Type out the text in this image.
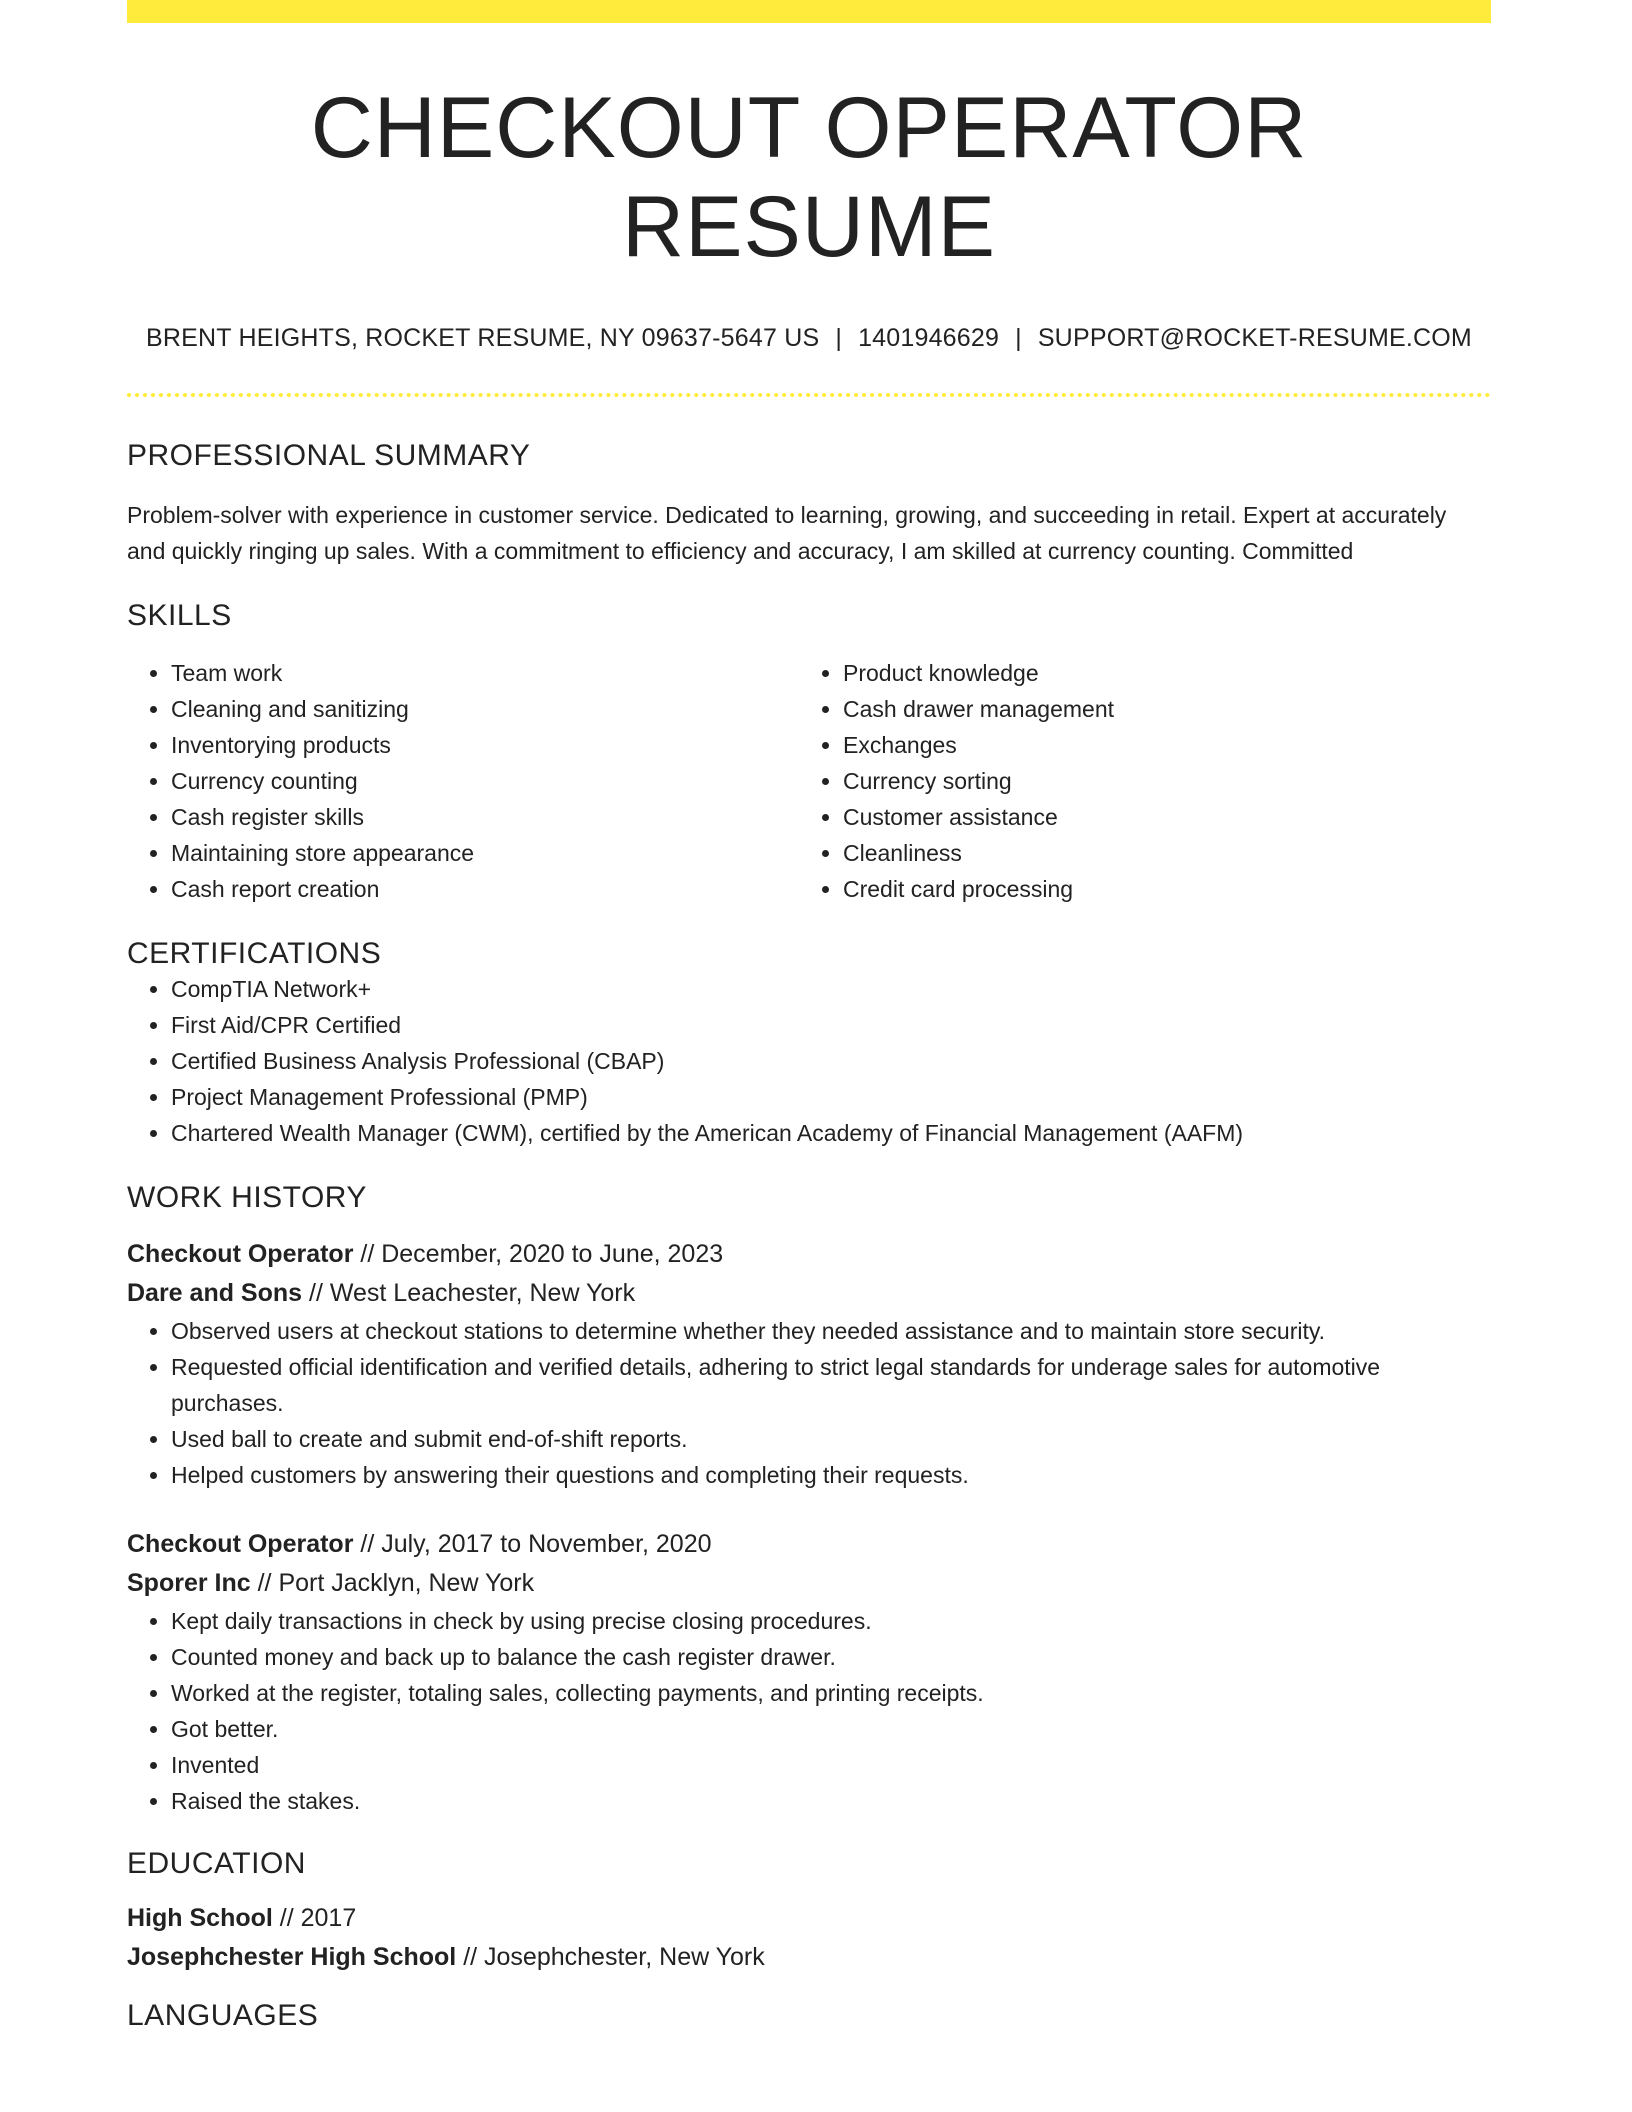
CHECKOUT OPERATOR RESUME
BRENT HEIGHTS, ROCKET RESUME, NY 09637-5647 US | 1401946629 | SUPPORT@ROCKET-RESUME.COM
PROFESSIONAL SUMMARY
Problem-solver with experience in customer service. Dedicated to learning, growing, and succeeding in retail. Expert at accurately and quickly ringing up sales. With a commitment to efficiency and accuracy, I am skilled at currency counting. Committed
SKILLS
• Team work
• Cleaning and sanitizing
• Inventorying products
• Currency counting
• Cash register skills
• Maintaining store appearance
• Cash report creation
• Product knowledge
• Cash drawer management
• Exchanges
• Currency sorting
• Customer assistance
• Cleanliness
• Credit card processing
CERTIFICATIONS
• CompTIA Network+
• First Aid/CPR Certified
• Certified Business Analysis Professional (CBAP)
• Project Management Professional (PMP)
• Chartered Wealth Manager (CWM), certified by the American Academy of Financial Management (AAFM)
WORK HISTORY
Checkout Operator // December, 2020 to June, 2023
Dare and Sons // West Leachester, New York
• Observed users at checkout stations to determine whether they needed assistance and to maintain store security.
• Requested official identification and verified details, adhering to strict legal standards for underage sales for automotive purchases.
• Used ball to create and submit end-of-shift reports.
• Helped customers by answering their questions and completing their requests.
Checkout Operator // July, 2017 to November, 2020
Sporer Inc // Port Jacklyn, New York
• Kept daily transactions in check by using precise closing procedures.
• Counted money and back up to balance the cash register drawer.
• Worked at the register, totaling sales, collecting payments, and printing receipts.
• Got better.
• Invented
• Raised the stakes.
EDUCATION
High School // 2017
Josephchester High School // Josephchester, New York
LANGUAGES
